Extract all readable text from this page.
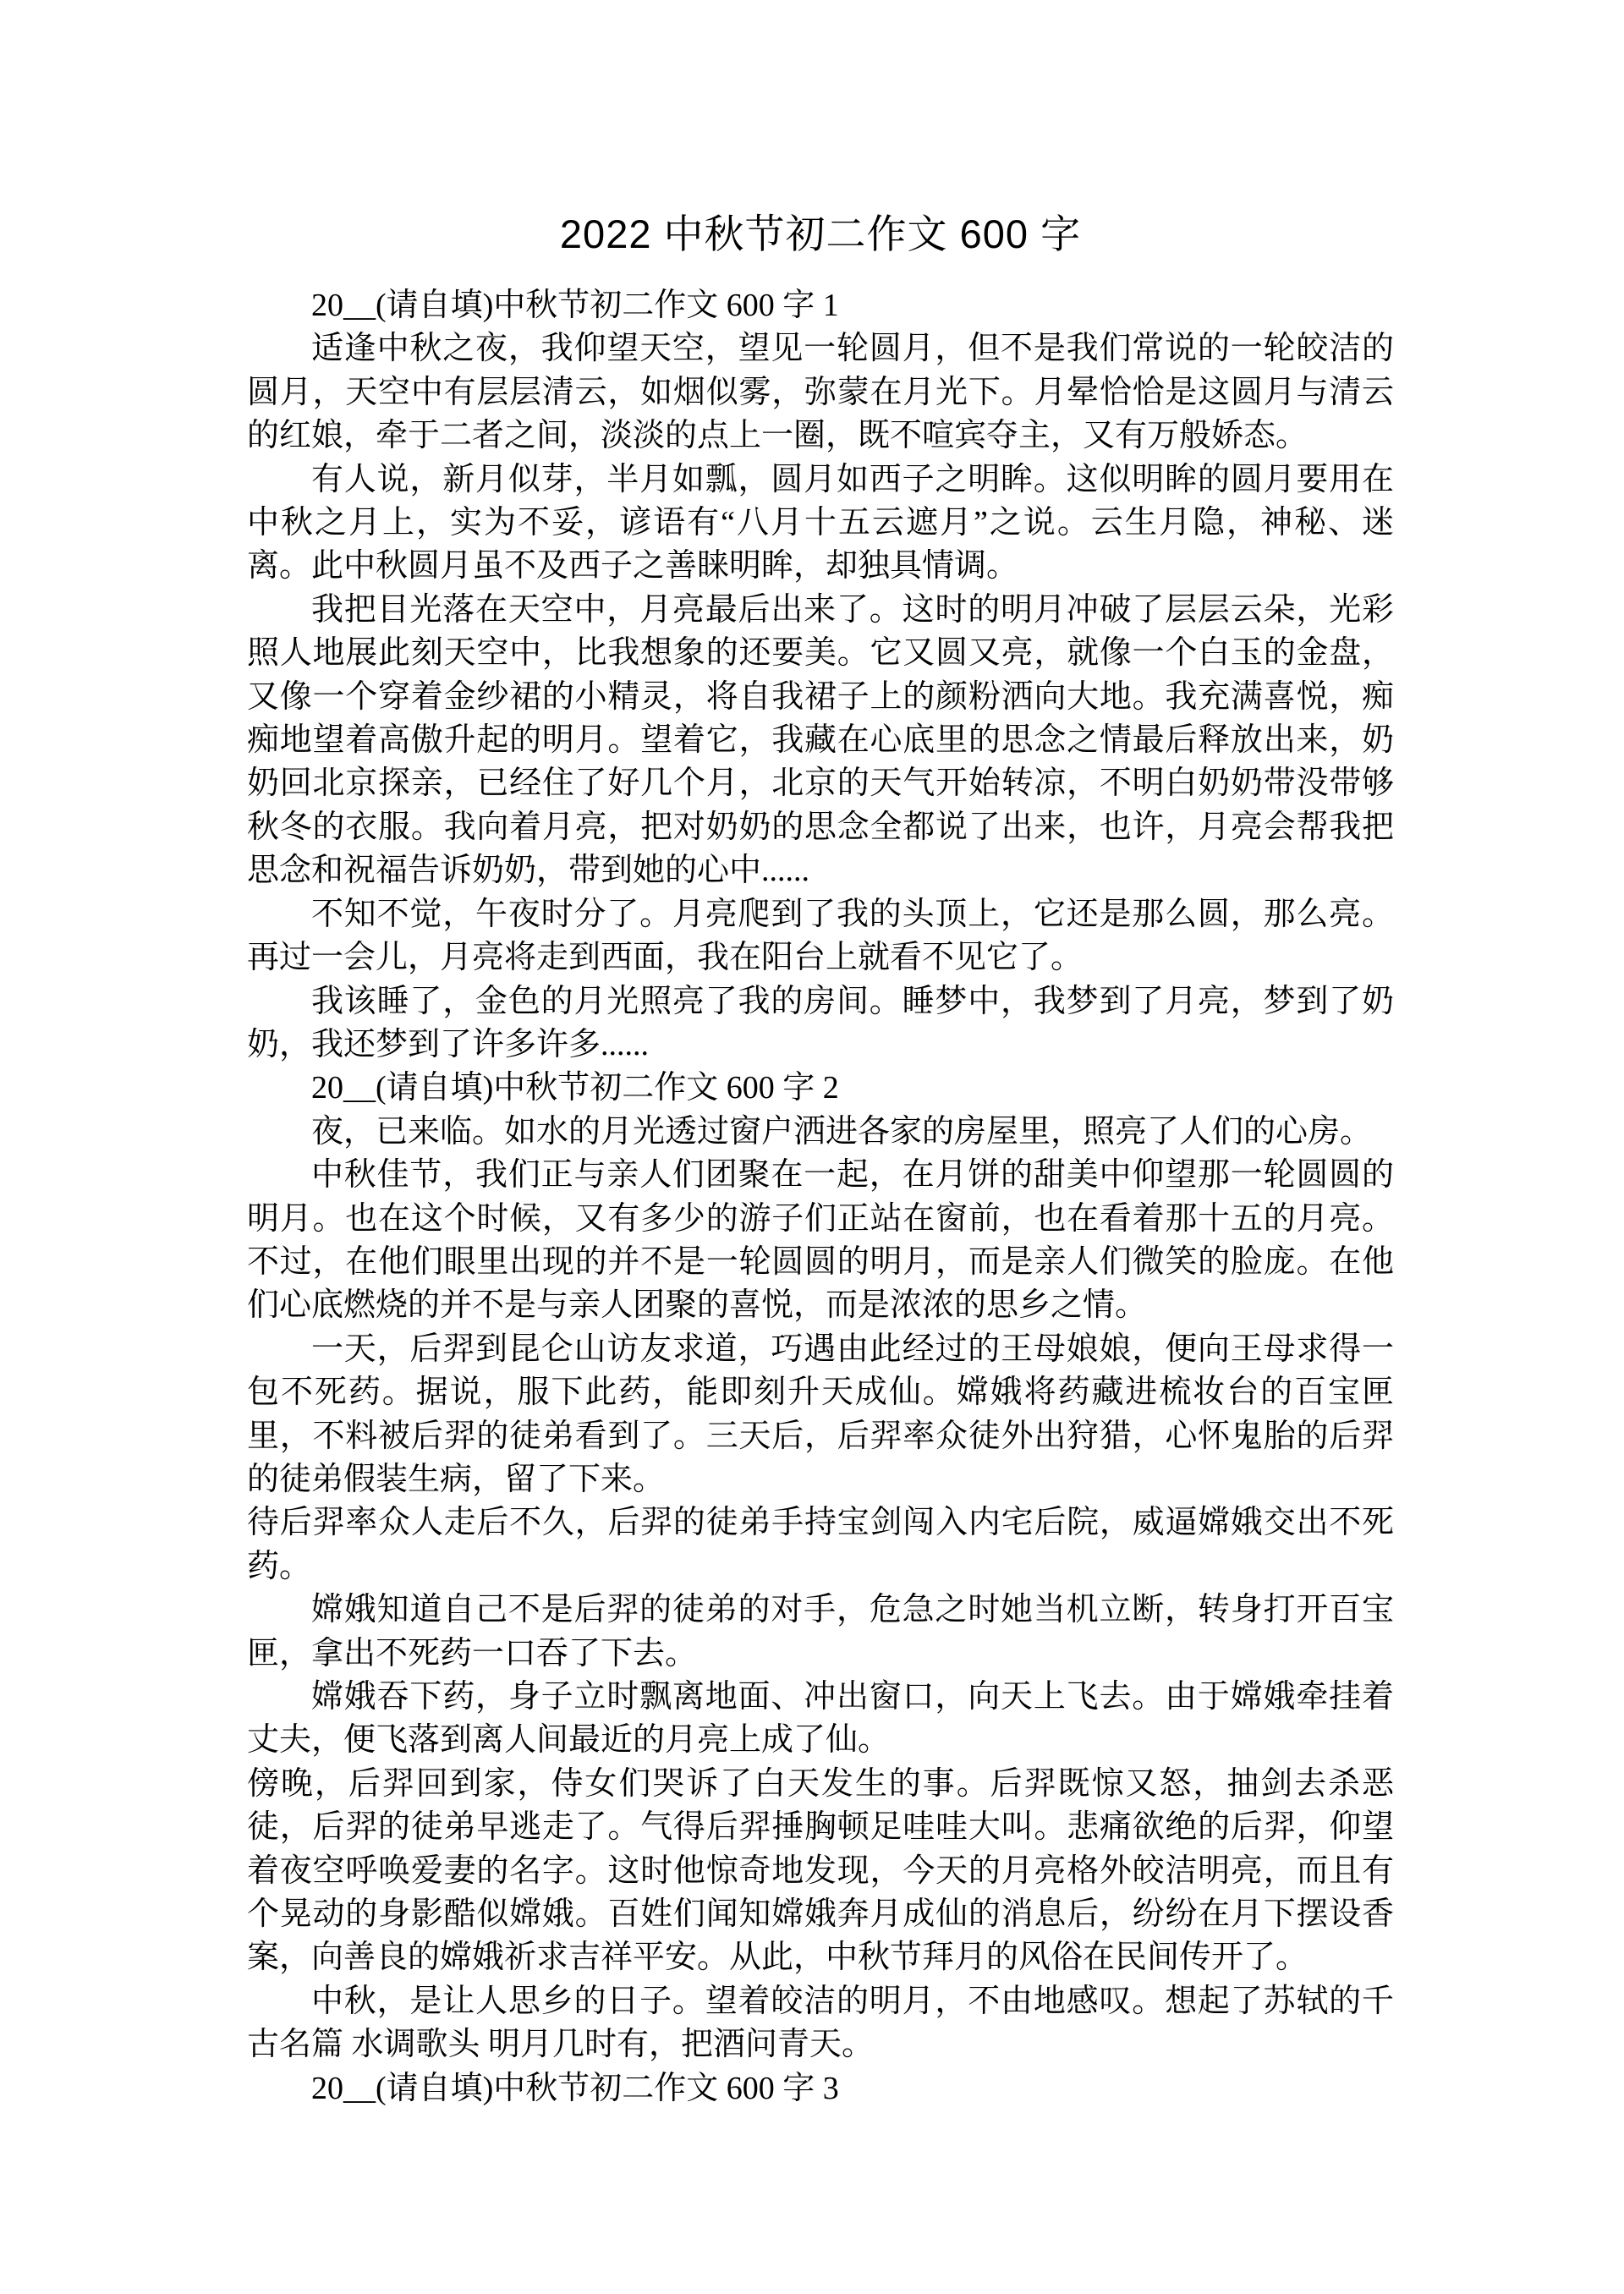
2022 中秋节初二作文 600 字

20__(请自填)中秋节初二作文 600 字 1

适逢中秋之夜，我仰望天空，望见一轮圆月，但不是我们常说的一轮皎洁的圆月，天空中有层层清云，如烟似雾，弥蒙在月光下。月晕恰恰是这圆月与清云的红娘，牵于二者之间，淡淡的点上一圈，既不喧宾夺主，又有万般娇态。

有人说，新月似芽，半月如瓢，圆月如西子之明眸。这似明眸的圆月要用在中秋之月上，实为不妥，谚语有“八月十五云遮月”之说。云生月隐，神秘、迷离。此中秋圆月虽不及西子之善睐明眸，却独具情调。

我把目光落在天空中，月亮最后出来了。这时的明月冲破了层层云朵，光彩照人地展此刻天空中，比我想象的还要美。它又圆又亮，就像一个白玉的金盘，又像一个穿着金纱裙的小精灵，将自我裙子上的颜粉洒向大地。我充满喜悦，痴痴地望着高傲升起的明月。望着它，我藏在心底里的思念之情最后释放出来，奶奶回北京探亲，已经住了好几个月，北京的天气开始转凉，不明白奶奶带没带够秋冬的衣服。我向着月亮，把对奶奶的思念全都说了出来，也许，月亮会帮我把思念和祝福告诉奶奶，带到她的心中......

不知不觉，午夜时分了。月亮爬到了我的头顶上，它还是那么圆，那么亮。再过一会儿，月亮将走到西面，我在阳台上就看不见它了。

我该睡了，金色的月光照亮了我的房间。睡梦中，我梦到了月亮，梦到了奶奶，我还梦到了许多许多......

20__(请自填)中秋节初二作文 600 字 2

夜，已来临。如水的月光透过窗户洒进各家的房屋里，照亮了人们的心房。

中秋佳节，我们正与亲人们团聚在一起，在月饼的甜美中仰望那一轮圆圆的明月。也在这个时候，又有多少的游子们正站在窗前，也在看着那十五的月亮。不过，在他们眼里出现的并不是一轮圆圆的明月，而是亲人们微笑的脸庞。在他们心底燃烧的并不是与亲人团聚的喜悦，而是浓浓的思乡之情。

一天，后羿到昆仑山访友求道，巧遇由此经过的王母娘娘，便向王母求得一包不死药。据说，服下此药，能即刻升天成仙。嫦娥将药藏进梳妆台的百宝匣里，不料被后羿的徒弟看到了。三天后，后羿率众徒外出狩猎，心怀鬼胎的后羿的徒弟假装生病，留了下来。

待后羿率众人走后不久，后羿的徒弟手持宝剑闯入内宅后院，威逼嫦娥交出不死药。

嫦娥知道自己不是后羿的徒弟的对手，危急之时她当机立断，转身打开百宝匣，拿出不死药一口吞了下去。

嫦娥吞下药，身子立时飘离地面、冲出窗口，向天上飞去。由于嫦娥牵挂着丈夫，便飞落到离人间最近的月亮上成了仙。

傍晚，后羿回到家，侍女们哭诉了白天发生的事。后羿既惊又怒，抽剑去杀恶徒，后羿的徒弟早逃走了。气得后羿捶胸顿足哇哇大叫。悲痛欲绝的后羿，仰望着夜空呼唤爱妻的名字。这时他惊奇地发现，今天的月亮格外皎洁明亮，而且有个晃动的身影酷似嫦娥。百姓们闻知嫦娥奔月成仙的消息后，纷纷在月下摆设香案，向善良的嫦娥祈求吉祥平安。从此，中秋节拜月的风俗在民间传开了。

中秋，是让人思乡的日子。望着皎洁的明月，不由地感叹。想起了苏轼的千古名篇 水调歌头 明月几时有，把酒问青天。

20__(请自填)中秋节初二作文 600 字 3
